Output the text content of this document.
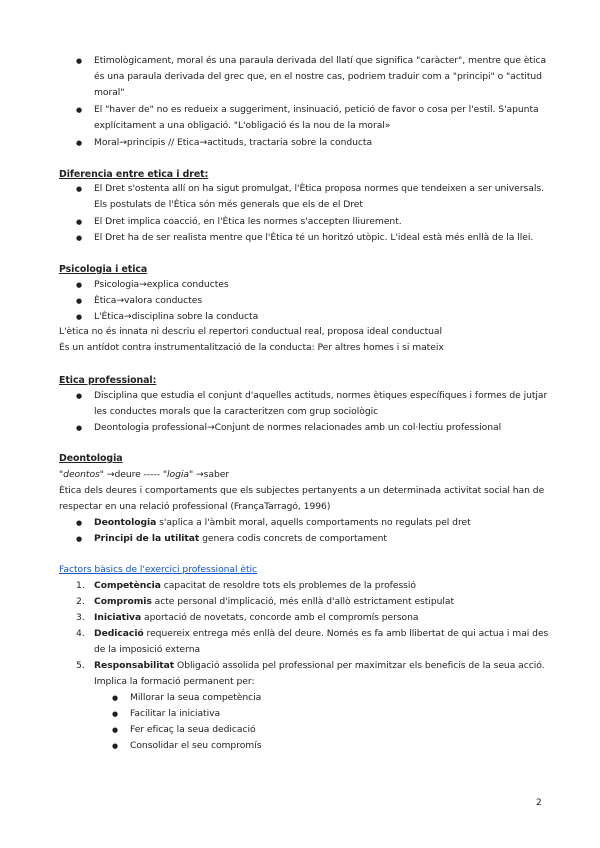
● Etimològicament, moral és una paraula derivada del llatí que significa "caràcter", mentre que ètica
és una paraula derivada del grec que, en el nostre cas, podriem traduir com a "principi" o "actitud
moral"
● El "haver de" no es redueix a suggeriment, insinuació, petició de favor o cosa per l'estil. S'apunta
explícitament a una obligació. "L'obligació és la nou de la moral»
● Moral→principis // Etica→actituds, tractaria sobre la conducta
Diferencia entre etica i dret:
● El Dret s'ostenta allí on ha sigut promulgat, l'Ètica proposa normes que tendeixen a ser universals.
Els postulats de l'Ètica són més generals que els de el Dret
● El Dret implica coacció, en l'Ètica les normes s'accepten lliurement.
● El Dret ha de ser realista mentre que l'Ètica té un horitzó utòpic. L'ideal està més enllà de la llei.
Psicologia i etica
● Psicologia→explica conductes
● Ètica→valora conductes
● L'Ètica→disciplina sobre la conducta
L'ètica no és innata ni descriu el repertori conductual real, proposa ideal conductual
És un antídot contra instrumentalització de la conducta: Per altres homes i si mateix
Etica professional:
● Disciplina que estudia el conjunt d'aquelles actituds, normes ètiques específiques i formes de jutjar
les conductes morals que la caracteritzen com grup sociològic
● Deontologia professional→Conjunt de normes relacionades amb un col·lectiu professional
Deontologia
"deontos" →deure ----- "logia" →saber
Ètica dels deures i comportaments que els subjectes pertanyents a un determinada activitat social han de
respectar en una relació professional (FrançaTarragó, 1996)
● Deontologia s'aplica a l'àmbit moral, aquells comportaments no regulats pel dret
● Principi de la utilitat genera codis concrets de comportament
Factors bàsics de l'exercici professional ètic
1. Competència capacitat de resoldre tots els problemes de la professió
2. Compromis acte personal d'implicació, més enllà d'allò estrictament estipulat
3. Iniciativa aportació de novetats, concorde amb el compromís persona
4. Dedicació requereix entrega més enllà del deure. Només es fa amb llibertat de qui actua i mai des
de la imposició externa
5. Responsabilitat Obligació assolida pel professional per maximitzar els beneficis de la seua acció.
Implica la formació permanent per:
● Millorar la seua competència
● Facilitar la iniciativa
● Fer eficaç la seua dedicació
● Consolidar el seu compromís
2
